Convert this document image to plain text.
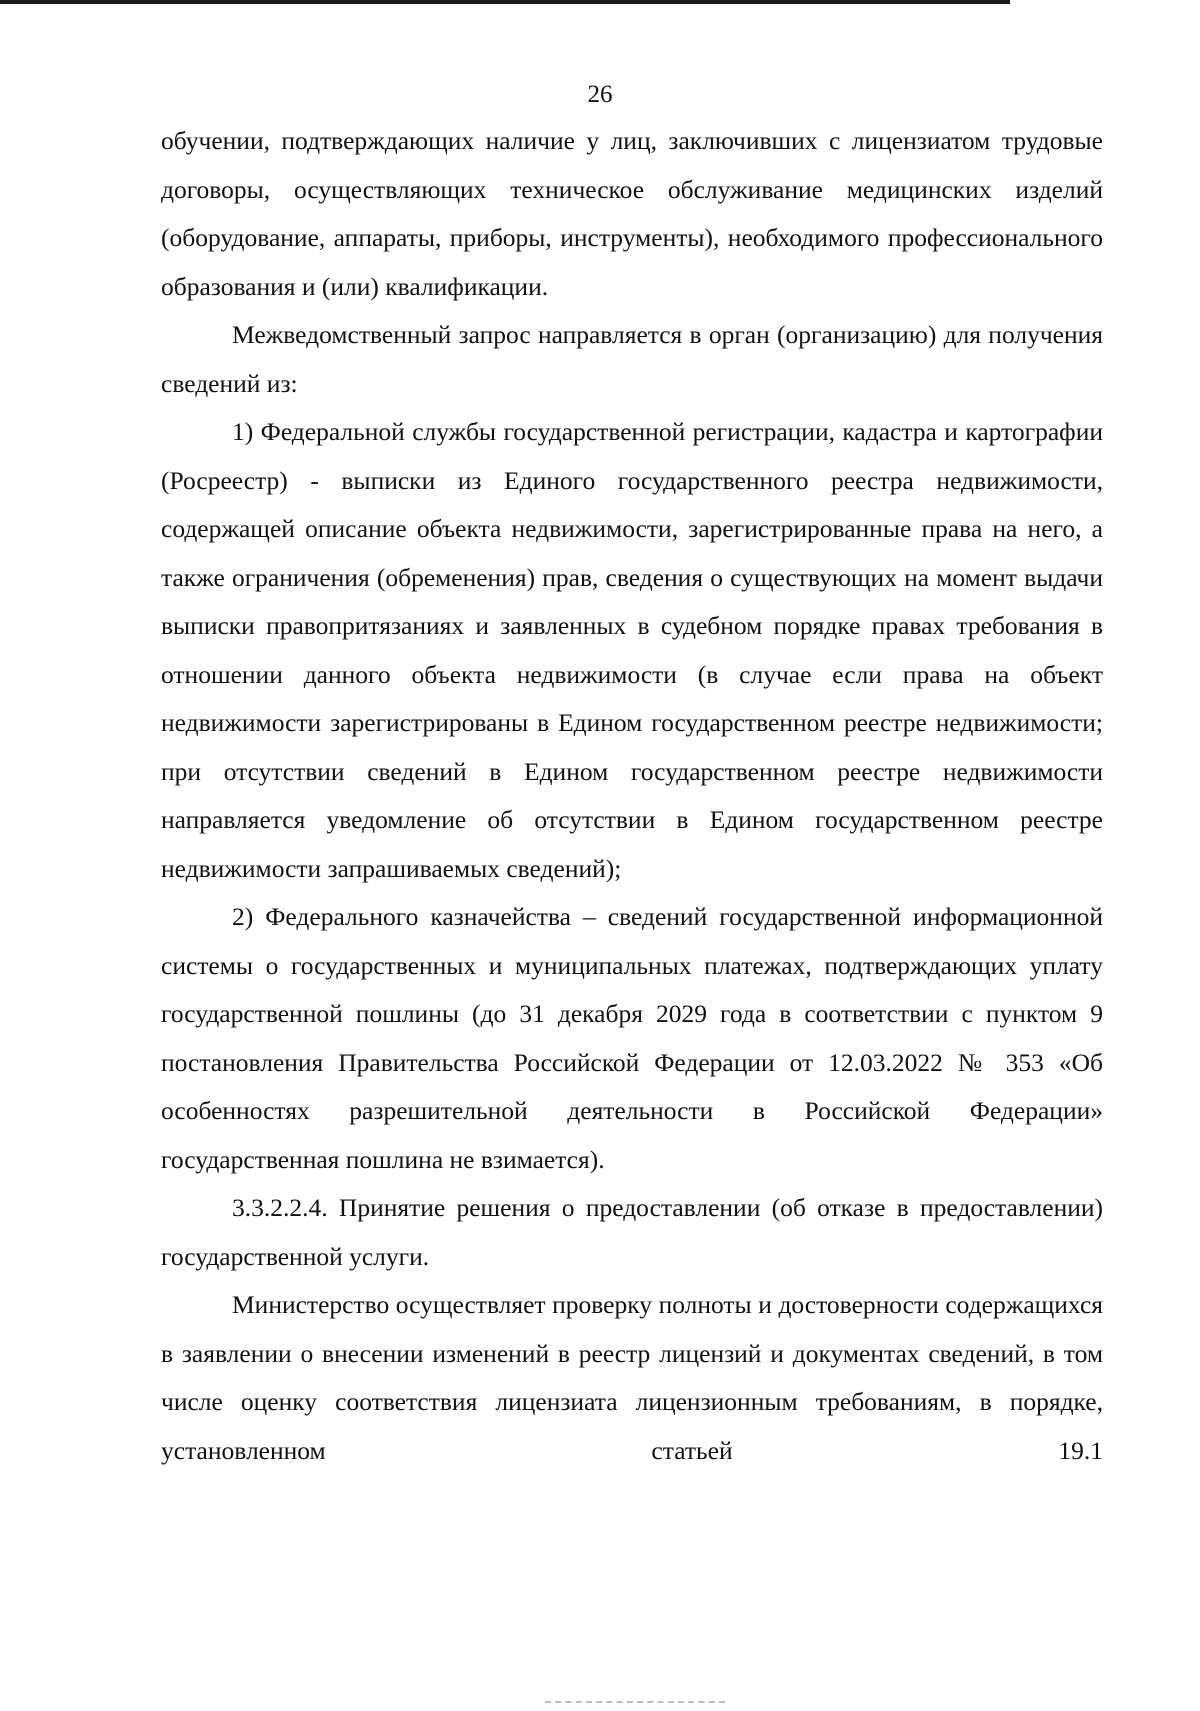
26

обучении, подтверждающих наличие у лиц, заключивших с лицензиатом трудовые договоры, осуществляющих техническое обслуживание медицинских изделий (оборудование, аппараты, приборы, инструменты), необходимого профессионального образования и (или) квалификации.

Межведомственный запрос направляется в орган (организацию) для получения сведений из:

1) Федеральной службы государственной регистрации, кадастра и картографии (Росреестр) - выписки из Единого государственного реестра недвижимости, содержащей описание объекта недвижимости, зарегистрированные права на него, а также ограничения (обременения) прав, сведения о существующих на момент выдачи выписки правопритязаниях и заявленных в судебном порядке правах требования в отношении данного объекта недвижимости (в случае если права на объект недвижимости зарегистрированы в Едином государственном реестре недвижимости; при отсутствии сведений в Едином государственном реестре недвижимости направляется уведомление об отсутствии в Едином государственном реестре недвижимости запрашиваемых сведений);

2) Федерального казначейства – сведений государственной информационной системы о государственных и муниципальных платежах, подтверждающих уплату государственной пошлины (до 31 декабря 2029 года в соответствии с пунктом 9 постановления Правительства Российской Федерации от 12.03.2022 № 353 «Об особенностях разрешительной деятельности в Российской Федерации» государственная пошлина не взимается).

3.3.2.2.4. Принятие решения о предоставлении (об отказе в предоставлении) государственной услуги.

Министерство осуществляет проверку полноты и достоверности содержащихся в заявлении о внесении изменений в реестр лицензий и документах сведений, в том числе оценку соответствия лицензиата лицензионным требованиям, в порядке, установленном статьей 19.1
